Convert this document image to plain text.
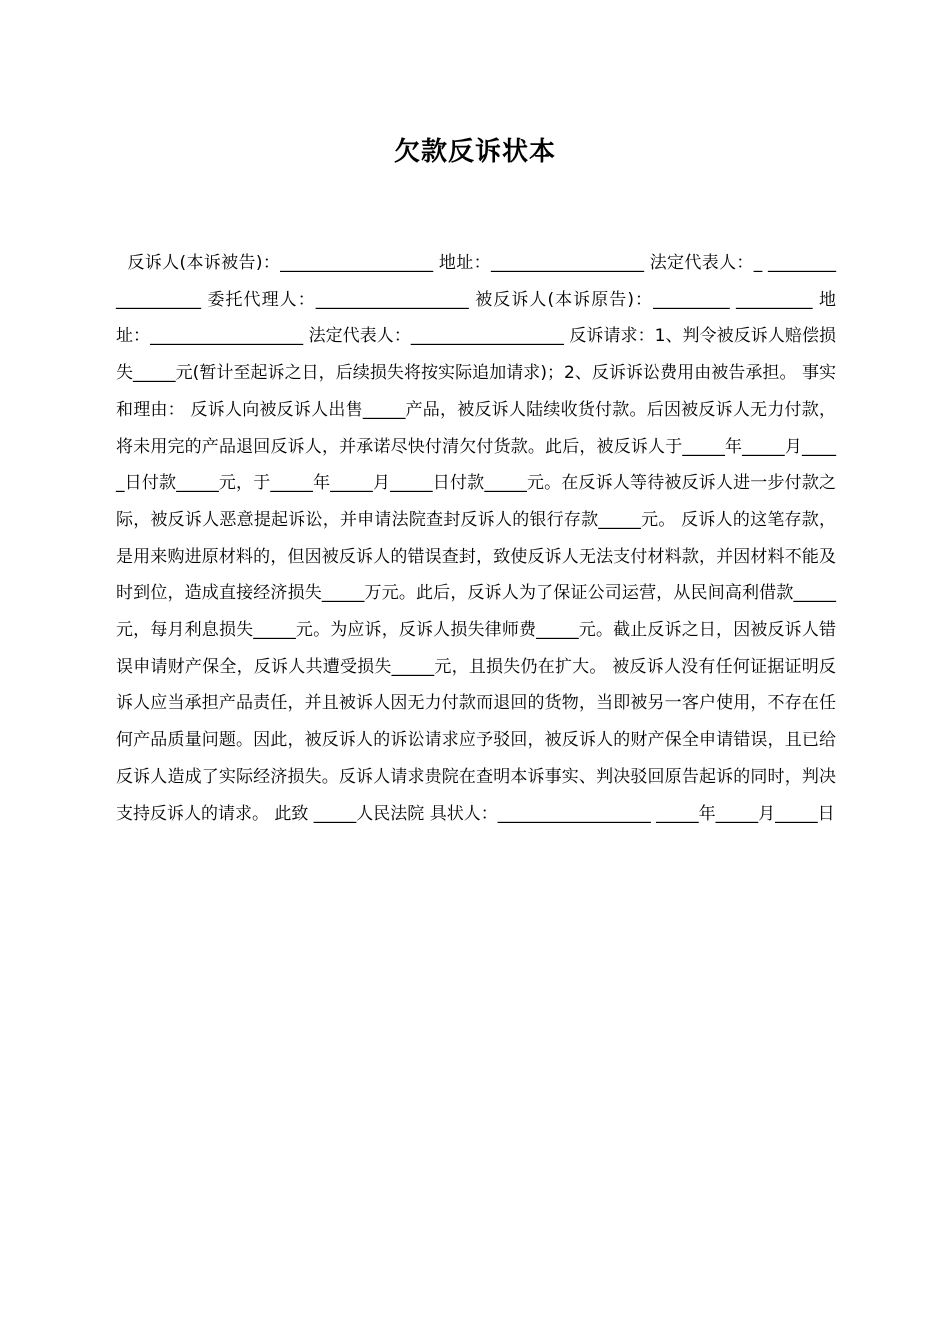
欠款反诉状本

反诉人(本诉被告)：__________________ 地址：__________________ 法定代表人：_ __________________ 委托代理人：__________________ 被反诉人(本诉原告)：_________ _________ 地址：__________________ 法定代表人：__________________ 反诉请求：1、判令被反诉人赔偿损失_____元(暂计至起诉之日，后续损失将按实际追加请求)；2、反诉诉讼费用由被告承担。 事实和理由： 反诉人向被反诉人出售_____产品，被反诉人陆续收货付款。后因被反诉人无力付款，将未用完的产品退回反诉人，并承诺尽快付清欠付货款。此后，被反诉人于_____年_____月_____日付款_____元，于_____年_____月_____日付款_____元。在反诉人等待被反诉人进一步付款之际，被反诉人恶意提起诉讼，并申请法院查封反诉人的银行存款_____元。 反诉人的这笔存款，是用来购进原材料的，但因被反诉人的错误查封，致使反诉人无法支付材料款，并因材料不能及时到位，造成直接经济损失_____万元。此后，反诉人为了保证公司运营，从民间高利借款_____元，每月利息损失_____元。为应诉，反诉人损失律师费_____元。截止反诉之日，因被反诉人错误申请财产保全，反诉人共遭受损失_____元，且损失仍在扩大。 被反诉人没有任何证据证明反诉人应当承担产品责任，并且被诉人因无力付款而退回的货物，当即被另一客户使用，不存在任何产品质量问题。因此，被反诉人的诉讼请求应予驳回，被反诉人的财产保全申请错误，且已给反诉人造成了实际经济损失。反诉人请求贵院在查明本诉事实、判决驳回原告起诉的同时，判决支持反诉人的请求。 此致 _____人民法院 具状人：__________________ _____年_____月_____日
